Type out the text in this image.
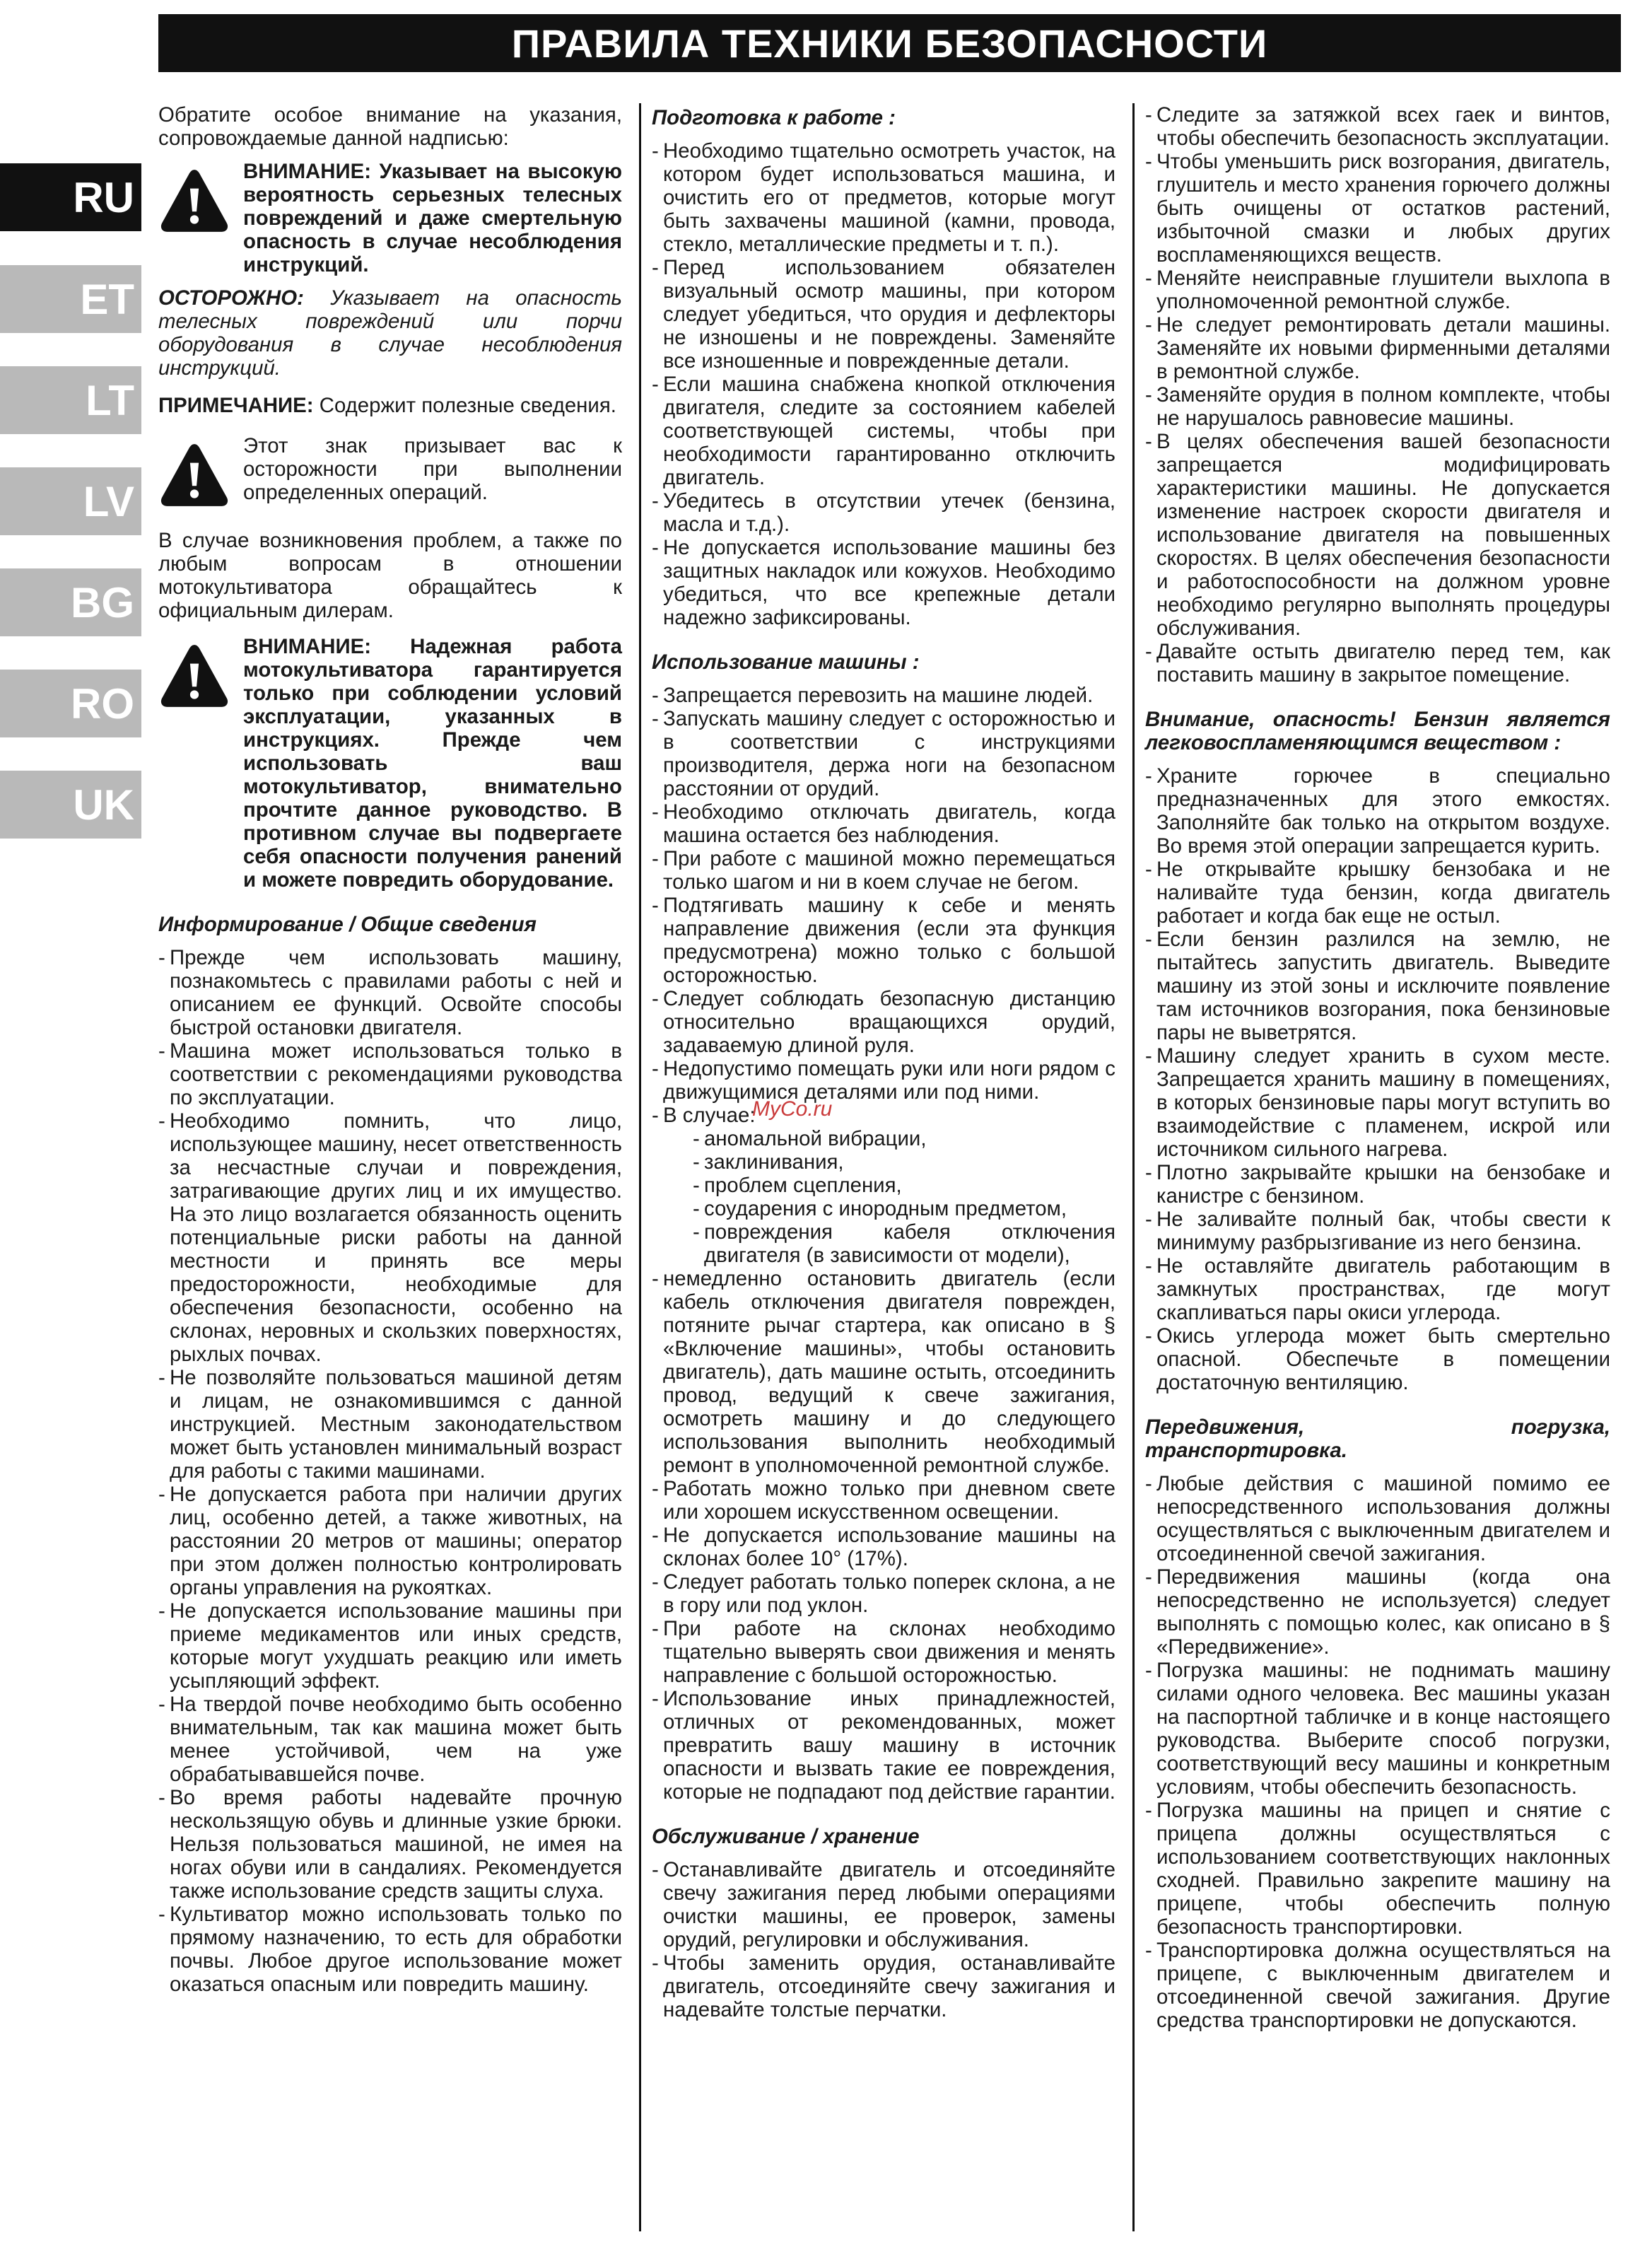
ПРАВИЛА ТЕХНИКИ БЕЗОПАСНОСТИ
RU
ET
LT
LV
BG
RO
UK

Обратите особое внимание на указания, сопровождаемые данной надписью:

ВНИМАНИЕ: Указывает на высокую вероятность серьезных телесных повреждений и даже смертельную опасность в случае несоблюдения инструкций.

ОСТОРОЖНО: Указывает на опасность телесных повреждений или порчи оборудования в случае несоблюдения инструкций.

ПРИМЕЧАНИЕ: Содержит полезные сведения.

Этот знак призывает вас к осторожности при выполнении определенных операций.

В случае возникновения проблем, а также по любым вопросам в отношении мотокультиватора обращайтесь к официальным дилерам.

ВНИМАНИЕ: Надежная работа мотокультиватора гарантируется только при соблюдении условий эксплуатации, указанных в инструкциях. Прежде чем использовать ваш мотокультиватор, внимательно прочтите данное руководство. В противном случае вы подвергаете себя опасности получения ранений и можете повредить оборудование.

Информирование / Общие сведения

- Прежде чем использовать машину, познакомьтесь с правилами работы с ней и описанием ее функций. Освойте способы быстрой остановки двигателя.
- Машина может использоваться только в соответствии с рекомендациями руководства по эксплуатации.
- Необходимо помнить, что лицо, использующее машину, несет ответственность за несчастные случаи и повреждения, затрагивающие других лиц и их имущество. На это лицо возлагается обязанность оценить потенциальные риски работы на данной местности и принять все меры предосторожности, необходимые для обеспечения безопасности, особенно на склонах, неровных и скользких поверхностях, рыхлых почвах.
- Не позволяйте пользоваться машиной детям и лицам, не ознакомившимся с данной инструкцией. Местным законодательством может быть установлен минимальный возраст для работы с такими машинами.
- Не допускается работа при наличии других лиц, особенно детей, а также животных, на расстоянии 20 метров от машины; оператор при этом должен полностью контролировать органы управления на рукоятках.
- Не допускается использование машины при приеме медикаментов или иных средств, которые могут ухудшать реакцию или иметь усыпляющий эффект.
- На твердой почве необходимо быть особенно внимательным, так как машина может быть менее устойчивой, чем на уже обрабатывавшейся почве.
- Во время работы надевайте прочную нескользящую обувь и длинные узкие брюки. Нельзя пользоваться машиной, не имея на ногах обуви или в сандалиях. Рекомендуется также использование средств защиты слуха.
- Культиватор можно использовать только по прямому назначению, то есть для обработки почвы. Любое другое использование может оказаться опасным или повредить машину.

Подготовка к работе :

- Необходимо тщательно осмотреть участок, на котором будет использоваться машина, и очистить его от предметов, которые могут быть захвачены машиной (камни, провода, стекло, металлические предметы и т. п.).
- Перед использованием обязателен визуальный осмотр машины, при котором следует убедиться, что орудия и дефлекторы не изношены и не повреждены. Заменяйте все изношенные и поврежденные детали.
- Если машина снабжена кнопкой отключения двигателя, следите за состоянием кабелей соответствующей системы, чтобы при необходимости гарантированно отключить двигатель.
- Убедитесь в отсутствии утечек (бензина, масла и т.д.).
- Не допускается использование машины без защитных накладок или кожухов. Необходимо убедиться, что все крепежные детали надежно зафиксированы.

Использование машины :

- Запрещается перевозить на машине людей.
- Запускать машину следует с осторожностью и в соответствии с инструкциями производителя, держа ноги на безопасном расстоянии от орудий.
- Необходимо отключать двигатель, когда машина остается без наблюдения.
- При работе с машиной можно перемещаться только шагом и ни в коем случае не бегом.
- Подтягивать машину к себе и менять направление движения (если эта функция предусмотрена) можно только с большой осторожностью.
- Следует соблюдать безопасную дистанцию относительно вращающихся орудий, задаваемую длиной руля.
- Недопустимо помещать руки или ноги рядом с движущимися деталями или под ними.
- В случае:
- аномальной вибрации,
- заклинивания,
- проблем сцепления,
- соударения с инородным предметом,
- повреждения кабеля отключения двигателя (в зависимости от модели),
- немедленно остановить двигатель (если кабель отключения двигателя поврежден, потяните рычаг стартера, как описано в § «Включение машины», чтобы остановить двигатель), дать машине остыть, отсоединить провод, ведущий к свече зажигания, осмотреть машину и до следующего использования выполнить необходимый ремонт в уполномоченной ремонтной службе.
- Работать можно только при дневном свете или хорошем искусственном освещении.
- Не допускается использование машины на склонах более 10° (17%).
- Следует работать только поперек склона, а не в гору или под уклон.
- При работе на склонах необходимо тщательно выверять свои движения и менять направление с большой осторожностью.
- Использование иных принадлежностей, отличных от рекомендованных, может превратить вашу машину в источник опасности и вызвать такие ее повреждения, которые не подпадают под действие гарантии.

Обслуживание / хранение

- Останавливайте двигатель и отсоединяйте свечу зажигания перед любыми операциями очистки машины, ее проверок, замены орудий, регулировки и обслуживания.
- Чтобы заменить орудия, останавливайте двигатель, отсоединяйте свечу зажигания и надевайте толстые перчатки.
MyCo.ru
- Следите за затяжкой всех гаек и винтов, чтобы обеспечить безопасность эксплуатации.
- Чтобы уменьшить риск возгорания, двигатель, глушитель и место хранения горючего должны быть очищены от остатков растений, избыточной смазки и любых других воспламеняющихся веществ.
- Меняйте неисправные глушители выхлопа в уполномоченной ремонтной службе.
- Не следует ремонтировать детали машины. Заменяйте их новыми фирменными деталями в ремонтной службе.
- Заменяйте орудия в полном комплекте, чтобы не нарушалось равновесие машины.
- В целях обеспечения вашей безопасности запрещается модифицировать характеристики машины. Не допускается изменение настроек скорости двигателя и использование двигателя на повышенных скоростях. В целях обеспечения безопасности и работоспособности на должном уровне необходимо регулярно выполнять процедуры обслуживания.
- Давайте остыть двигателю перед тем, как поставить машину в закрытое помещение.

Внимание, опасность! Бензин является легковоспламеняющимся веществом :

- Храните горючее в специально предназначенных для этого емкостях. Заполняйте бак только на открытом воздухе. Во время этой операции запрещается курить.
- Не открывайте крышку бензобака и не наливайте туда бензин, когда двигатель работает и когда бак еще не остыл.
- Если бензин разлился на землю, не пытайтесь запустить двигатель. Выведите машину из этой зоны и исключите появление там источников возгорания, пока бензиновые пары не выветрятся.
- Машину следует хранить в сухом месте. Запрещается хранить машину в помещениях, в которых бензиновые пары могут вступить во взаимодействие с пламенем, искрой или источником сильного нагрева.
- Плотно закрывайте крышки на бензобаке и канистре с бензином.
- Не заливайте полный бак, чтобы свести к минимуму разбрызгивание из него бензина.
- Не оставляйте двигатель работающим в замкнутых пространствах, где могут скапливаться пары окиси углерода.
- Окись углерода может быть смертельно опасной. Обеспечьте в помещении достаточную вентиляцию.

Передвижения, погрузка, транспортировка.

- Любые действия с машиной помимо ее непосредственного использования должны осуществляться с выключенным двигателем и отсоединенной свечой зажигания.
- Передвижения машины (когда она непосредственно не используется) следует выполнять с помощью колес, как описано в § «Передвижение».
- Погрузка машины: не поднимать машину силами одного человека. Вес машины указан на паспортной табличке и в конце настоящего руководства. Выберите способ погрузки, соответствующий весу машины и конкретным условиям, чтобы обеспечить безопасность.
- Погрузка машины на прицеп и снятие с прицепа должны осуществляться с использованием соответствующих наклонных сходней. Правильно закрепите машину на прицепе, чтобы обеспечить полную безопасность транспортировки.
- Транспортировка должна осуществляться на прицепе, с выключенным двигателем и отсоединенной свечой зажигания. Другие средства транспортировки не допускаются.
